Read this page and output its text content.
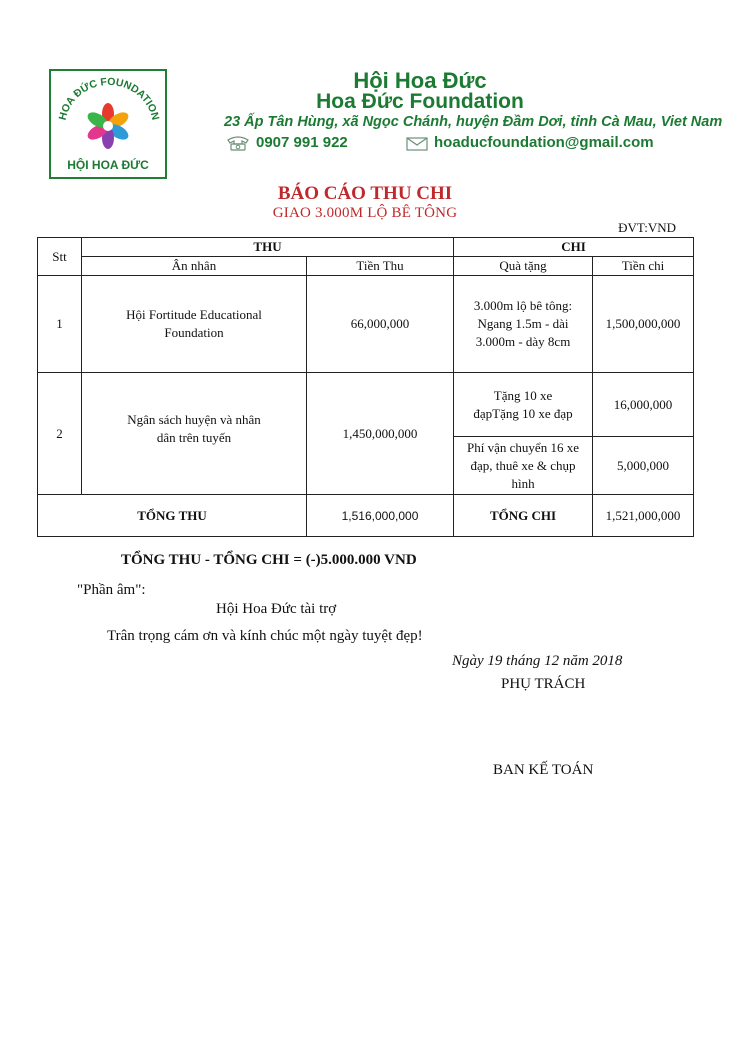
HOA ĐỨC FOUNDATION
HỘI HOA ĐỨC
Hội Hoa Đức
Hoa Đức Foundation
23 Ấp Tân Hùng, xã Ngọc Chánh, huyện Đầm Dơi, tỉnh Cà Mau, Viet Nam
0907 991 922	hoaducfoundation@gmail.com
BÁO CÁO THU CHI
GIAO 3.000M LỘ BÊ TÔNG
ĐVT:VND
Stt	THU		CHI	
	Ân nhân	Tiền Thu	Quà tặng	Tiền chi
1	Hội Fortitude Educational Foundation	66,000,000	3.000m lộ bê tông: Ngang 1.5m - dài 3.000m - dày 8cm	1,500,000,000
2	Ngân sách huyện và nhân dân trên tuyến	1,450,000,000	Tặng 10 xe đạpTặng 10 xe đạp	16,000,000
			Phí vận chuyển 16 xe đạp, thuê xe & chụp hình	5,000,000
TỔNG THU		1,516,000,000	TỔNG CHI	1,521,000,000
TỔNG THU - TỔNG CHI = (-)5.000.000 VND
"Phần âm":
Hội Hoa Đức tài trợ
Trân trọng cám ơn và kính chúc một ngày tuyệt đẹp!
Ngày 19 tháng 12 năm 2018
PHỤ TRÁCH
BAN KẾ TOÁN
